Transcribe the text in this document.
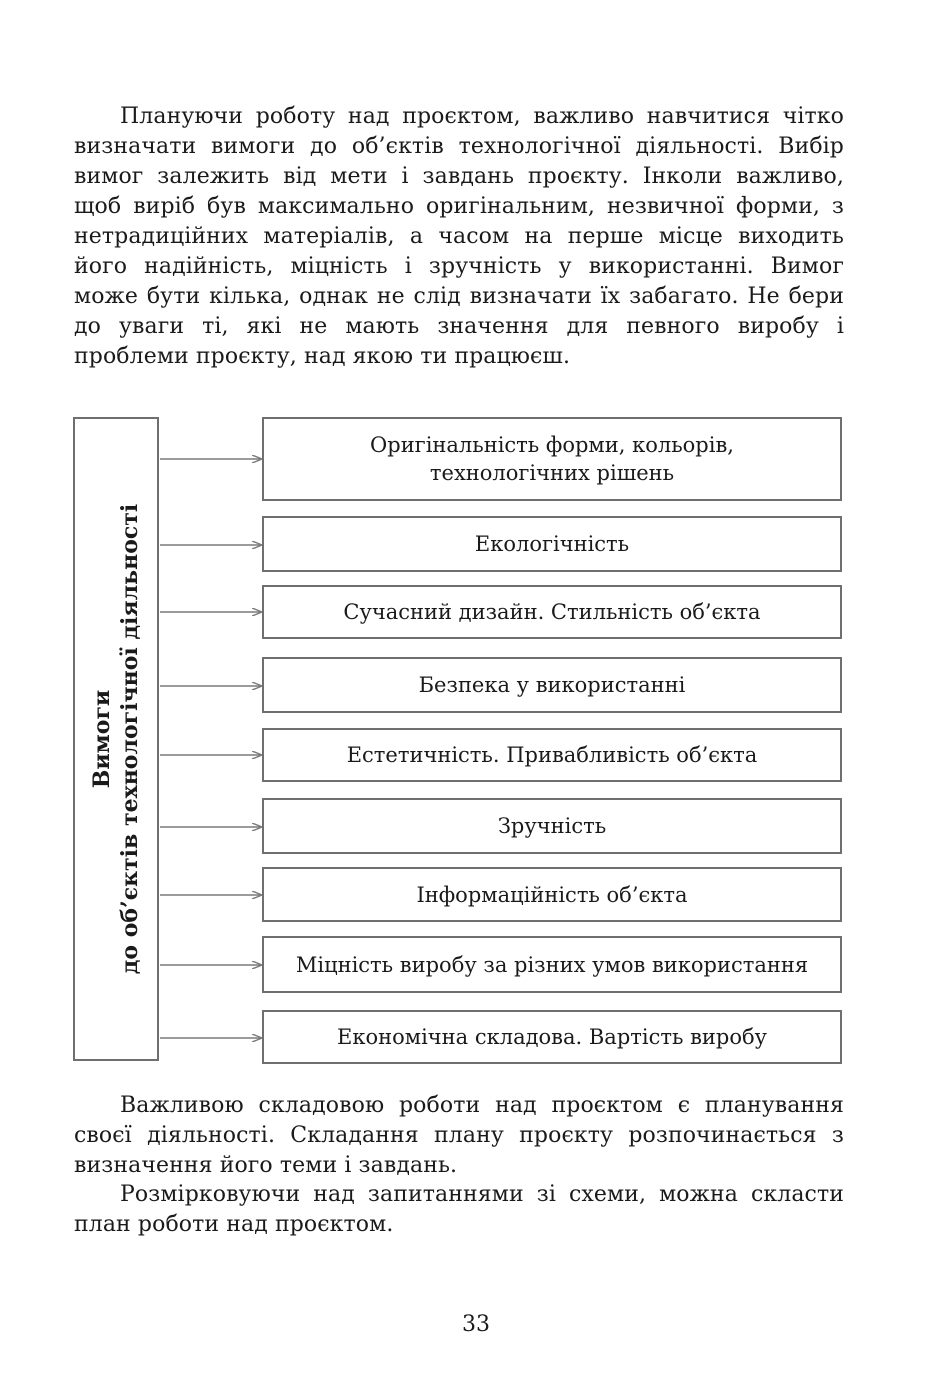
Плануючи роботу над проєктом, важливо навчитися чітко визначати вимоги до об’єктів технологічної діяльності. Вибір вимог залежить від мети і завдань проєкту. Інколи важливо, щоб виріб був максимально оригінальним, незвичної форми, з нетрадиційних матеріалів, а часом на перше місце виходить його надійність, міцність і зручність у використанні. Вимог може бути кілька, однак не слід визначати їх забагато. Не бери до уваги ті, які не мають значення для певного виробу і проблеми проєкту, над якою ти працюєш.

Вимоги до об’єктів технологічної діяльності
Оригінальність форми, кольорів,
технологічних рішень
Екологічність
Сучасний дизайн. Стильність об’єкта
Безпека у використанні
Естетичність. Привабливість об’єкта
Зручність
Інформаційність об’єкта
Міцність виробу за різних умов використання
Економічна складова. Вартість виробу

Важливою складовою роботи над проєктом є планування своєї діяльності. Складання плану проєкту розпочинається з визначення його теми і завдань.

Розмірковуючи над запитаннями зі схеми, можна скласти план роботи над проєктом.

33
